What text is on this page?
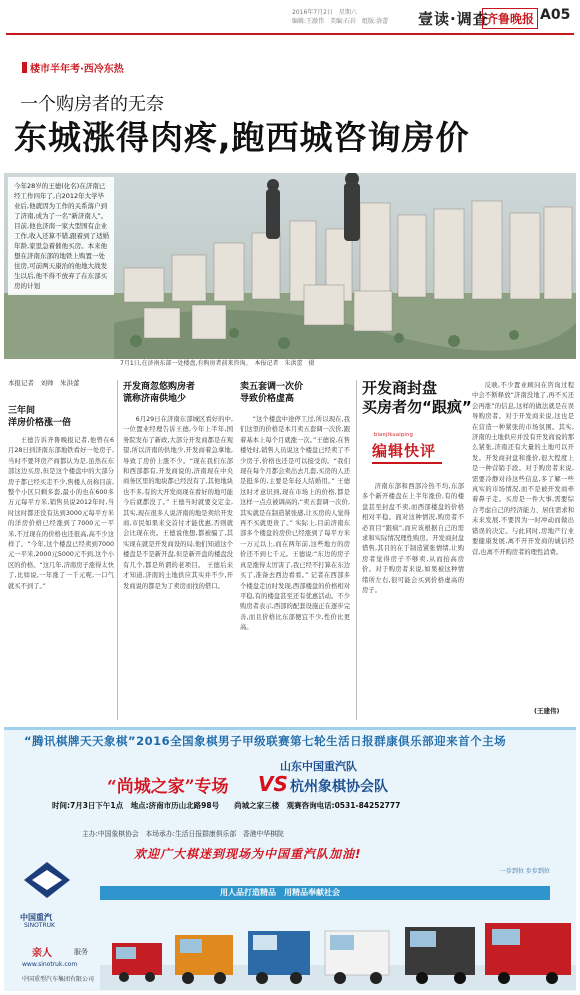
2016年7月2日　星期六
编辑:王澈伟　美编:石岩　组版:洛蕾	壹读·调查
齐鲁晚报 A05
楼市半年考·西冷东热
一个购房者的无奈
东城涨得肉疼,跑西城咨询房价
今年28岁的王德(化名)在济南已经工作四年了,自2012年大学毕业后,他就因为工作的关系落户到了济南,成为了一名“新济南人”。目前,他也济南一家大型国有企业工作,收入还算不错,跟着到了适婚年龄,家里急着催他买房。本来他想在济南东部的地铁上购置一处住房,可前两天康治的他地大战发生以后,他不得不放弃了在东部买房的计划
7月1日,在济南东部一处楼盘,有购房者前来咨询。　本报记者　朱洪蕾　摄
本报记者　刘帅　朱洪蕾
三年间
洋房价格涨一倍
王德告诉齐鲁晚报记者,他曾在6月28日到济南东部地铁看好一处房子,当时不要拜房产商都认为是,虽然在东部这边买房,但是这个楼盘中的大部分房子都已经买走不少,售楼人员称目前,整个小区只剩多套,最小的也在600多万元每平方米,销售员说2012年时,当时这时都还没有达到3000元每平方米的洋房价格已经涨到了7000元一平米,不过现在的价格也还很高,高不少这样了。“今年,这个楼盘已经卖到7000元一平米,2000元5000元不到,这个小区的价格。“这几年,济南房子涨得太快了,比如说,一年涨了一千元呢,一口气就买不到了。”
开发商忽悠购房者
谎称济南供地少
6月29日在济南东部城区看好的中,一位置业经理告诉王德,今年上半年,国务院发布了新政,大部分开发商都是在观望,所以济南的供地少,开发商着急拿地,导致了房价上涨不少。“现在我们东部和西部都有,开发商说的,济南现在中央商务区里的地块都已经没有了,其他地块也不多,有的大开发商现在看好的地可能今后就都没了。” 王德当时就要交定金,其实,现在很多人说济南的地是卖给开发商,市民如果来交首付才能优惠,否则就会比现在贵。王德说他想,都被骗了,其实现在就是开发商设的局,他们知道这个楼盘是不是新开盘,但是新开盘的楼盘没有几个,都是所谓的老项目。 王德后来才知道,济南的土地供应其实并不少,开发商说的都是为了卖房而找的借口。
卖五套调一次价
导致价格虚高
“这个楼盘中途停工过,所以现在,我们这里的价格是本月卖五套调一次价,跟着基本上每个月就涨一次。”王德说,在售楼处时,销售人员说这个楼盘已经卖了不少房子,价格也还是可以接受的。“我们现在每个月都会卖出去几套,买房的人还是挺多的,主要是年轻人结婚用。” 王德这时才意识到,现在市场上的价格,都是这样一点点被调高的,“卖五套调一次价,其实就是在制造紧张感,让买房的人觉得再不买就更贵了。” 实际上,目前济南东部多个楼盘的房价已经涨到了每平方米一万元以上,而在两年前,这些地方的房价还不到七千元。王德说:“东边的房子真是涨得太厉害了,我已经不打算在东边买了,准备去西边看看。” 记者在西部多个楼盘走访时发现,西部楼盘的价格相对平稳,有的楼盘甚至还有优惠活动。不少购房者表示,西部的配套设施正在逐步完善,而且价格比东部便宜不少,性价比更高。
开发商封盘
买房者勿“跟疯”
bianjikuaiping
编辑快评
济南东部和西部冷热不均,东部多个新开楼盘在上半年涨价,有的楼盘甚至封盘不卖,而西部楼盘的价格相对平稳。面对这种情况,购房者不必盲目“跟疯”,而应该根据自己的需求和实际情况理性购房。开发商封盘惜售,其目的在于制造紧张情绪,让购房者觉得房子不够卖,从而抬高房价。对于购房者来说,如果被这种情绪所左右,很可能会买到价格虚高的房子。
反映,不少置业顾问在咨询过程中会不断释放“济南没地了,再不买还会再涨”的信息,这样的做法就是在误导购房者。对于开发商来说,这也是在营造一种紧张的市场氛围。其实,济南的土地供应并没有开发商说的那么紧张,济南还有大量的土地可以开发。开发商封盘和涨价,很大程度上是一种营销手段。对于购房者来说,需要冷静对待这些信息,多了解一些真实的市场情况,而不是被开发商牵着鼻子走。买房是一件大事,需要综合考虑自己的经济能力、居住需求和未来发展,不要因为一时冲动而做出错误的决定。与此同时,房地产行业要健康发展,离不开开发商的诚信经营,也离不开购房者的理性消费。
(王建伟)
“腾讯棋牌天天象棋”2016全国象棋男子甲级联赛第七轮生活日报群康俱乐部迎来首个主场
“尚城之家”专场
山东中国重汽队
VS 杭州象棋协会队
时间:7月3日下午1点　地点:济南市历山北路98号　　尚城之家三楼　观赛咨询电话:0531-84252777
主办:中国象棋协会　本场承办:生活日报群康俱乐部　香港中华棋院
欢迎广大棋迷到现场为中国重汽队加油!
一步到位 步步到位
用人品打造精品　用精品奉献社会
中国重汽
SINOTRUK
亲人	服务
www.sinotruk.com
中国重型汽车集团有限公司
